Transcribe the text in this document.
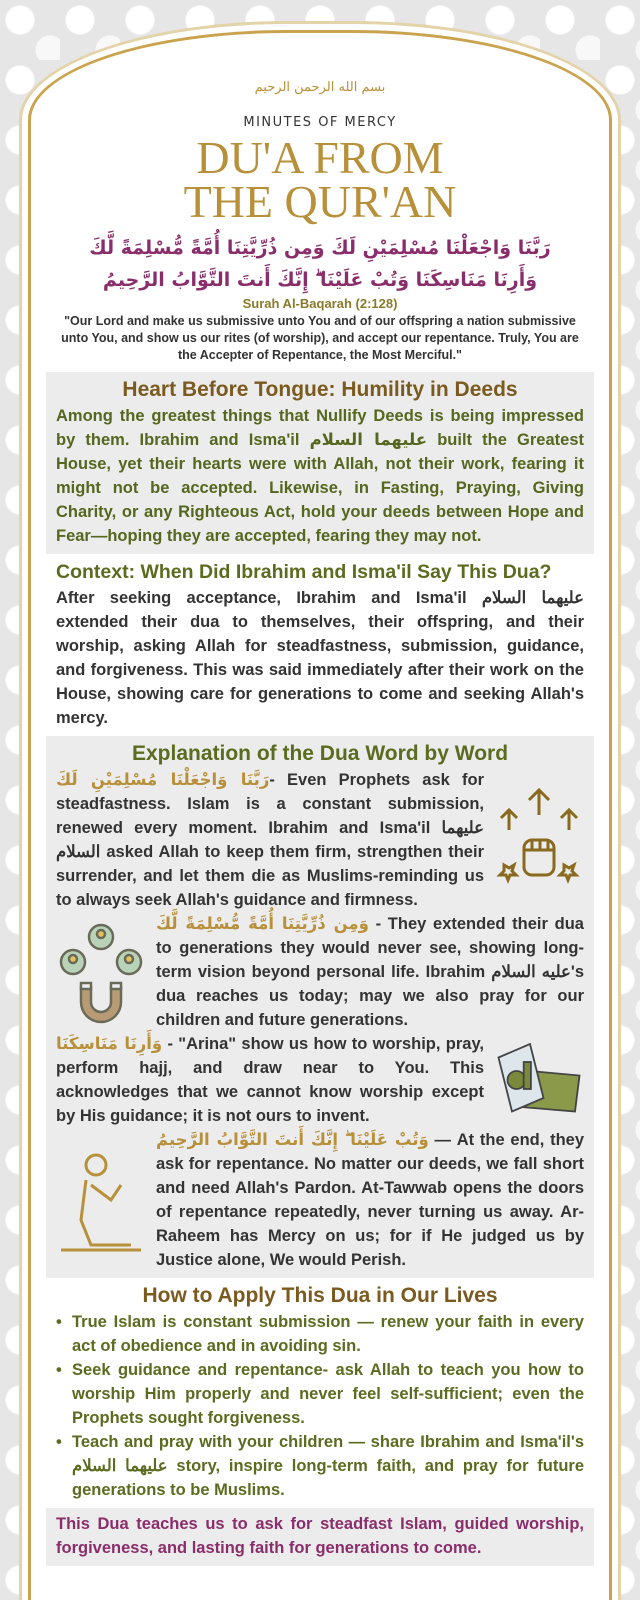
بسم الله الرحمن الرحيم
MINUTES OF MERCY
DU'A FROM
THE QUR'AN
رَبَّنَا وَاجْعَلْنَا مُسْلِمَيْنِ لَكَ وَمِن ذُرِّيَّتِنَا أُمَّةً مُّسْلِمَةً لَّكَ
وَأَرِنَا مَنَاسِكَنَا وَتُبْ عَلَيْنَا ۖ إِنَّكَ أَنتَ التَّوَّابُ الرَّحِيمُ
Surah Al-Baqarah (2:128)
"Our Lord and make us submissive unto You and of our offspring a nation submissive unto You, and show us our rites (of worship), and accept our repentance. Truly, You are the Accepter of Repentance, the Most Merciful."
Heart Before Tongue: Humility in Deeds
Among the greatest things that Nullify Deeds is being impressed by them. Ibrahim and Isma'il عليهما السلام built the Greatest House, yet their hearts were with Allah, not their work, fearing it might not be accepted. Likewise, in Fasting, Praying, Giving Charity, or any Righteous Act, hold your deeds between Hope and Fear—hoping they are accepted, fearing they may not.
Context: When Did Ibrahim and Isma'il Say This Dua?
After seeking acceptance, Ibrahim and Isma'il عليهما السلام extended their dua to themselves, their offspring, and their worship, asking Allah for steadfastness, submission, guidance, and forgiveness. This was said immediately after their work on the House, showing care for generations to come and seeking Allah's mercy.
Explanation of the Dua Word by Word
رَبَّنَا وَاجْعَلْنَا مُسْلِمَيْنِ لَكَ- Even Prophets ask for steadfastness. Islam is a constant submission, renewed every moment. Ibrahim and Isma'il عليهما السلام asked Allah to keep them firm, strengthen their surrender, and let them die as Muslims-reminding us to always seek Allah's guidance and firmness.
وَمِن ذُرِّيَّتِنَا أُمَّةً مُّسْلِمَةً لَّكَ - They extended their dua to generations they would never see, showing long-term vision beyond personal life. Ibrahim عليه السلام's dua reaches us today; may we also pray for our children and future generations.
وَأَرِنَا مَنَاسِكَنَا - "Arina" show us how to worship, pray, perform hajj, and draw near to You. This acknowledges that we cannot know worship except by His guidance; it is not ours to invent.
وَتُبْ عَلَيْنَا ۖ إِنَّكَ أَنتَ التَّوَّابُ الرَّحِيمُ — At the end, they ask for repentance. No matter our deeds, we fall short and need Allah's Pardon. At-Tawwab opens the doors of repentance repeatedly, never turning us away. Ar-Raheem has Mercy on us; for if He judged us by Justice alone, We would Perish.
How to Apply This Dua in Our Lives
• True Islam is constant submission — renew your faith in every act of obedience and in avoiding sin.
• Seek guidance and repentance- ask Allah to teach you how to worship Him properly and never feel self-sufficient; even the Prophets sought forgiveness.
• Teach and pray with your children — share Ibrahim and Isma'il's عليهما السلام story, inspire long-term faith, and pray for future generations to be Muslims.
This Dua teaches us to ask for steadfast Islam, guided worship, forgiveness, and lasting faith for generations to come.
